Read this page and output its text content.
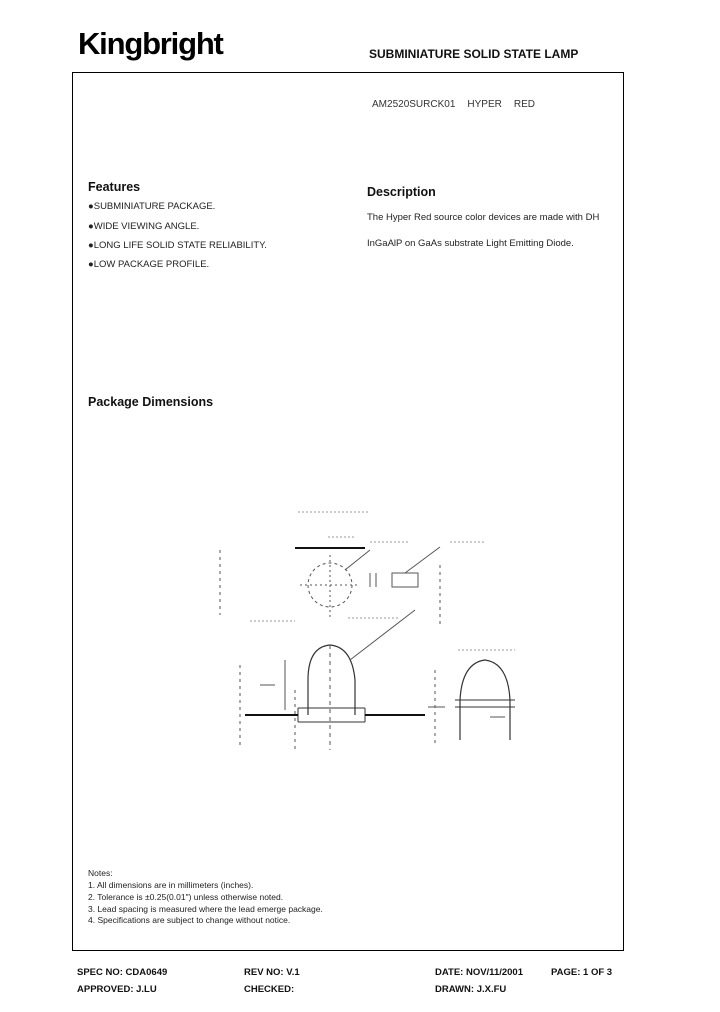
Kingbright	SUBMINIATURE SOLID STATE LAMP

AM2520SURCK01 HYPER RED

Features
●SUBMINIATURE PACKAGE.
●WIDE VIEWING ANGLE.
●LONG LIFE SOLID STATE RELIABILITY.
●LOW PACKAGE PROFILE.
Description
The Hyper Red source color devices are made with DH
InGaAlP on GaAs substrate Light Emitting Diode.
Package Dimensions
Notes:
1. All dimensions are in millimeters (inches).
2. Tolerance is ±0.25(0.01") unless otherwise noted.
3. Lead spacing is measured where the lead emerge package.
4. Specifications are subject to change without notice.
SPEC NO: CDA0649	REV NO: V.1	DATE: NOV/11/2001	PAGE: 1 OF 3
APPROVED: J.LU	CHECKED:	DRAWN: J.X.FU
